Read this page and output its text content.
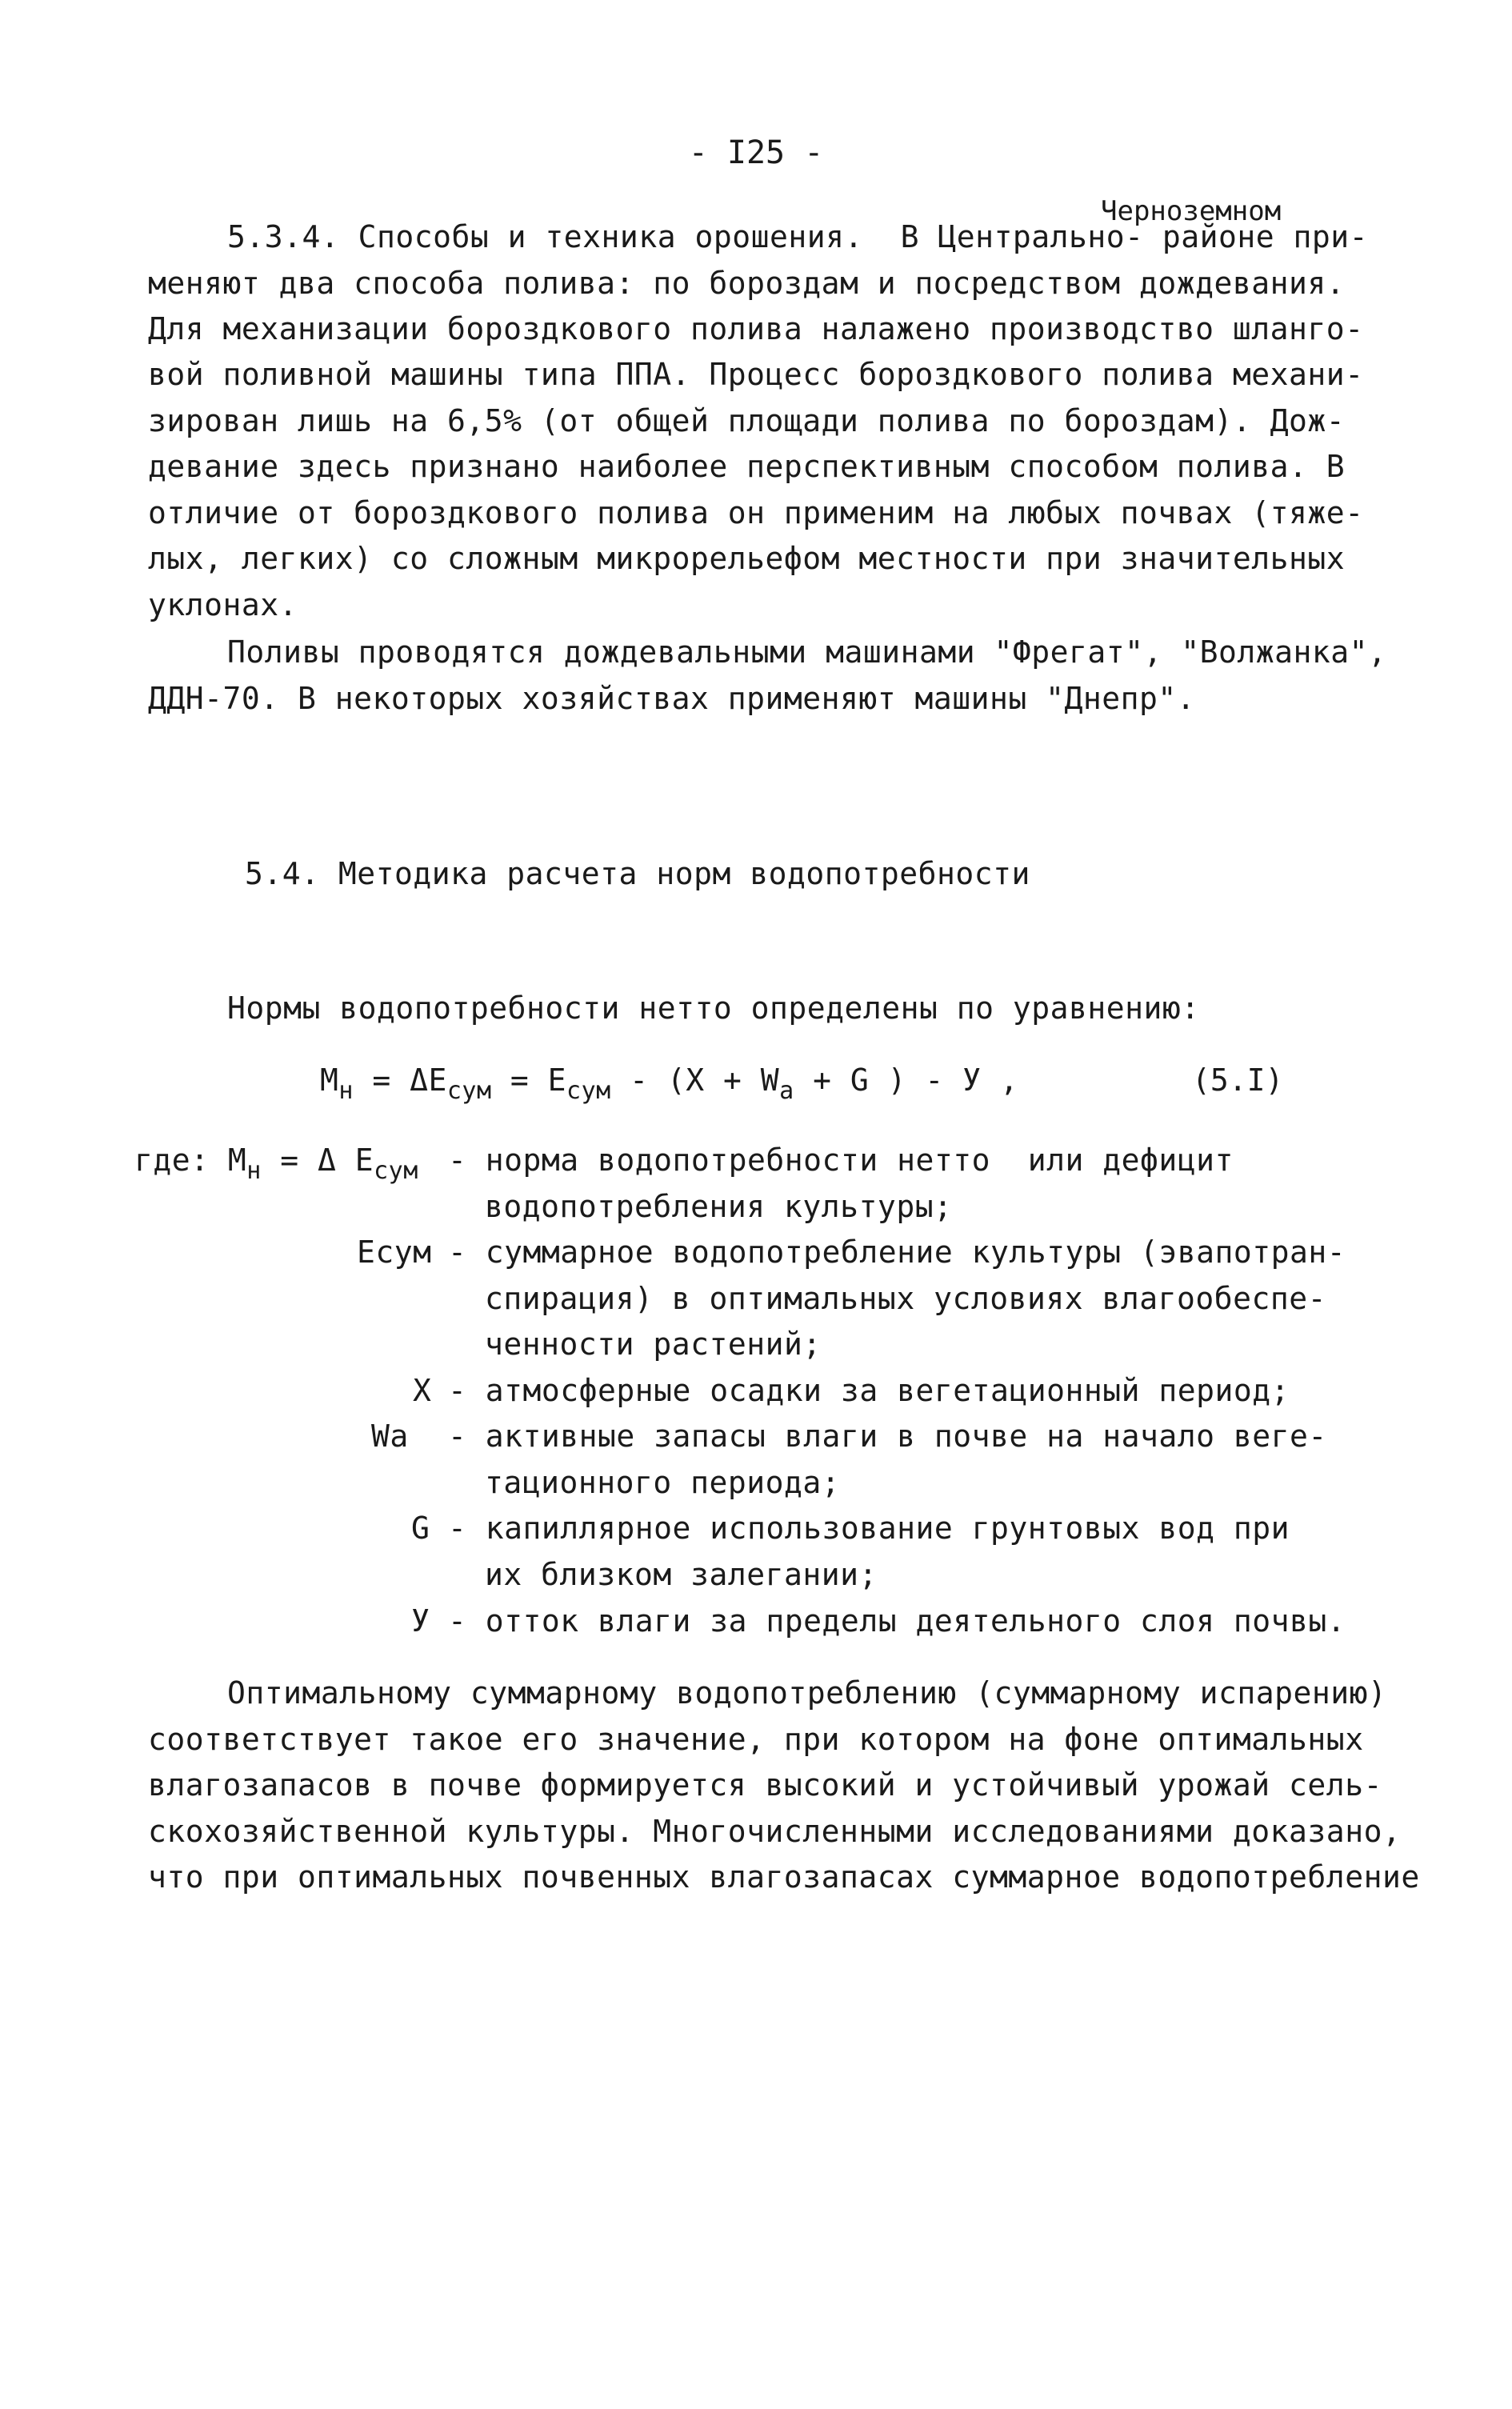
- I25 -
Черноземном
5.3.4. Способы и техника орошения.  В Центрально- районе при-
меняют два способа полива: по бороздам и посредством дождевания.
Для механизации бороздкового полива налажено производство шланго-
вой поливной машины типа ППА. Процесс бороздкового полива механи-
зирован лишь на 6,5% (от общей площади полива по бороздам). Дож-
девание здесь признано наиболее перспективным способом полива. В
отличие от бороздкового полива он применим на любых почвах (тяже-
лых, легких) со сложным микрорельефом местности при значительных
уклонах.
Поливы проводятся дождевальными машинами "Фрегат", "Волжанка",
ДДН-70. В некоторых хозяйствах применяют машины "Днепр".
5.4. Методика расчета норм водопотребности
Нормы водопотребности нетто определены по уравнению:
$М_н = \Delta E_{сум} = E_{сум} - (X + W_а + G$ ) - У ,	(5.I)
где: $М_н = \Delta$ $E_{сум}$ - норма водопотребности нетто  или дефицит
водопотребления культуры;
Eсум - суммарное водопотребление культуры (эвапотран-
спирация) в оптимальных условиях влагообеспе-
ченности растений;
X - атмосферные осадки за вегетационный период;
Wа - активные запасы влаги в почве на начало веге-
тационного периода;
G - капиллярное использование грунтовых вод при
их близком залегании;
У - отток влаги за пределы деятельного слоя почвы.
Оптимальному суммарному водопотреблению (суммарному испарению)
соответствует такое его значение, при котором на фоне оптимальных
влагозапасов в почве формируется высокий и устойчивый урожай сель-
скохозяйственной культуры. Многочисленными исследованиями доказано,
что при оптимальных почвенных влагозапасах суммарное водопотребление
